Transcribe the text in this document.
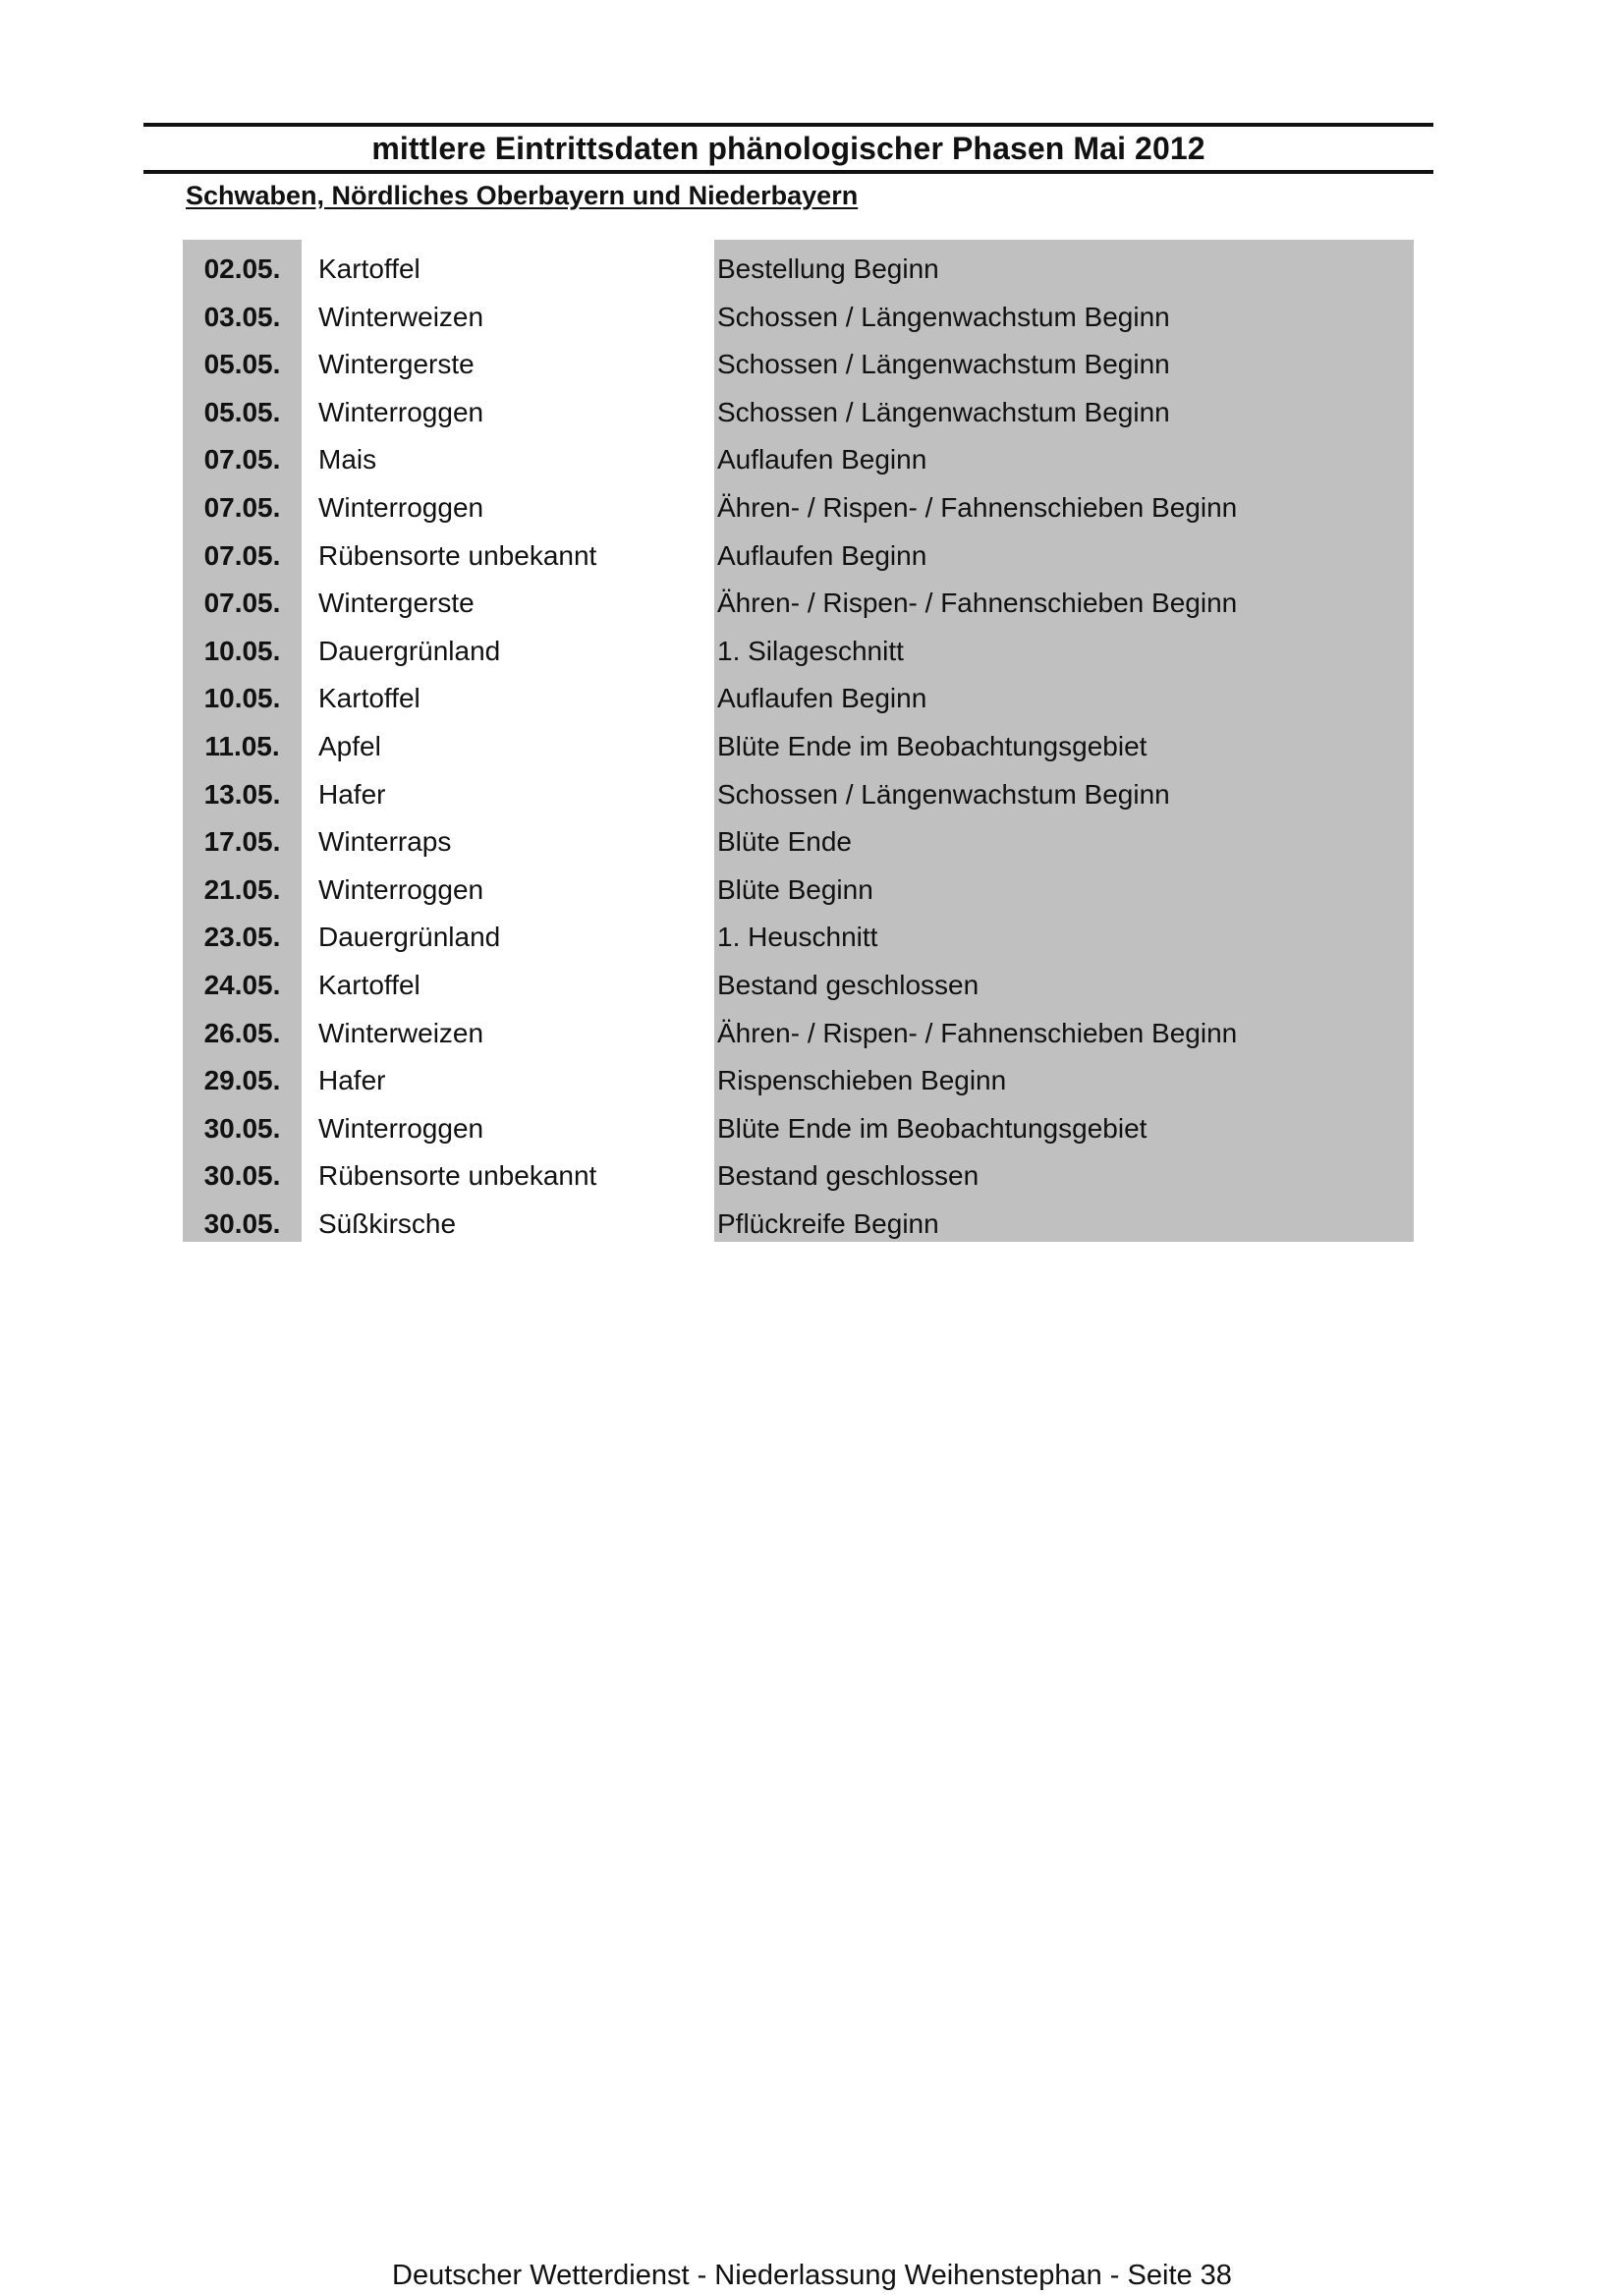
mittlere Eintrittsdaten phänologischer Phasen Mai 2012
Schwaben, Nördliches Oberbayern und Niederbayern
02.05.	Kartoffel	Bestellung Beginn
03.05.	Winterweizen	Schossen / Längenwachstum Beginn
05.05.	Wintergerste	Schossen / Längenwachstum Beginn
05.05.	Winterroggen	Schossen / Längenwachstum Beginn
07.05.	Mais	Auflaufen Beginn
07.05.	Winterroggen	Ähren- / Rispen- / Fahnenschieben Beginn
07.05.	Rübensorte unbekannt	Auflaufen Beginn
07.05.	Wintergerste	Ähren- / Rispen- / Fahnenschieben Beginn
10.05.	Dauergrünland	1. Silageschnitt
10.05.	Kartoffel	Auflaufen Beginn
11.05.	Apfel	Blüte Ende im Beobachtungsgebiet
13.05.	Hafer	Schossen / Längenwachstum Beginn
17.05.	Winterraps	Blüte Ende
21.05.	Winterroggen	Blüte Beginn
23.05.	Dauergrünland	1. Heuschnitt
24.05.	Kartoffel	Bestand geschlossen
26.05.	Winterweizen	Ähren- / Rispen- / Fahnenschieben Beginn
29.05.	Hafer	Rispenschieben Beginn
30.05.	Winterroggen	Blüte Ende im Beobachtungsgebiet
30.05.	Rübensorte unbekannt	Bestand geschlossen
30.05.	Süßkirsche	Pflückreife Beginn
Deutscher Wetterdienst - Niederlassung Weihenstephan - Seite 38
